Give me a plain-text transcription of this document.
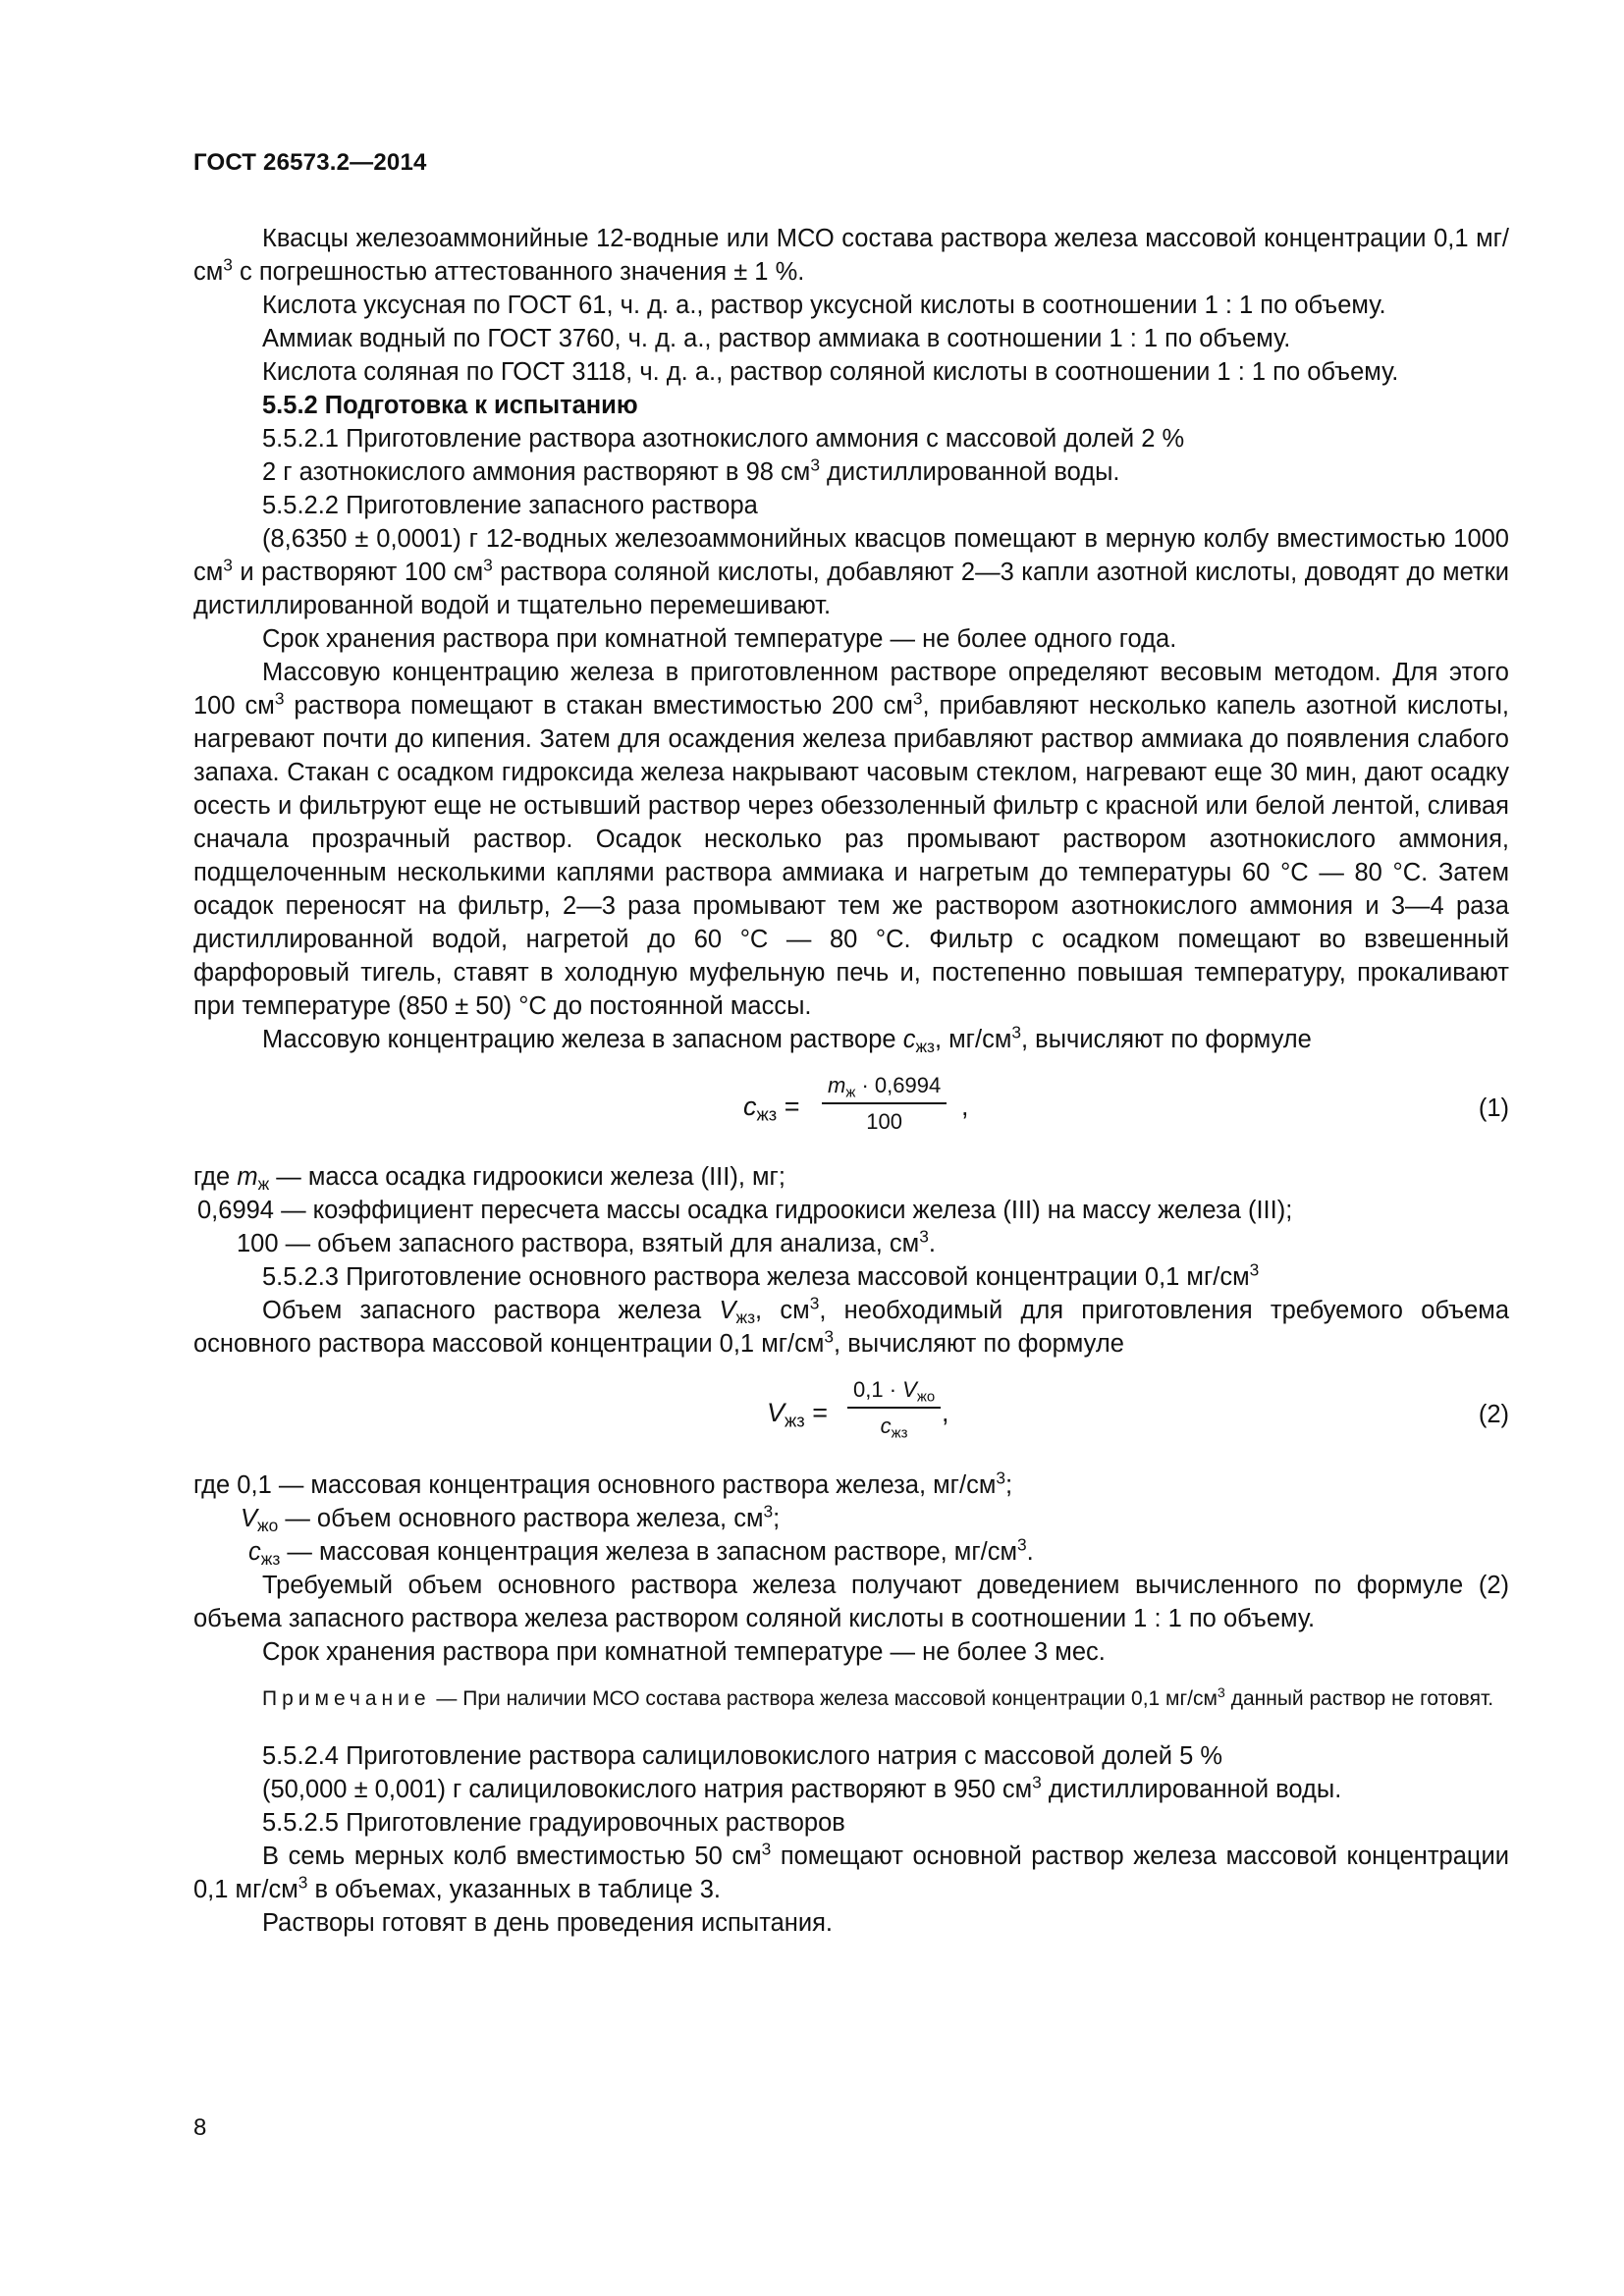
ГОСТ 26573.2—2014

Квасцы железоаммонийные 12-водные или МСО состава раствора железа массовой концентрации 0,1 $мг/см^3$ с погрешностью аттестованного значения ± 1 %.

Кислота уксусная по ГОСТ 61, ч. д. а., раствор уксусной кислоты в соотношении 1 : 1 по объему.

Аммиак водный по ГОСТ 3760, ч. д. а., раствор аммиака в соотношении 1 : 1 по объему.

Кислота соляная по ГОСТ 3118, ч. д. а., раствор соляной кислоты в соотношении 1 : 1 по объему.

5.5.2 Подготовка к испытанию

5.5.2.1 Приготовление раствора азотнокислого аммония с массовой долей 2 %

2 г азотнокислого аммония растворяют в 98 $см^3$ дистиллированной воды.

5.5.2.2 Приготовление запасного раствора

(8,6350 ± 0,0001) г 12-водных железоаммонийных квасцов помещают в мерную колбу вместимостью 1000 $см^3$ и растворяют 100 $см^3$ раствора соляной кислоты, добавляют 2—3 капли азотной кислоты, доводят до метки дистиллированной водой и тщательно перемешивают.

Срок хранения раствора при комнатной температуре — не более одного года.

Массовую концентрацию железа в приготовленном растворе определяют весовым методом. Для этого 100 $см^3$ раствора помещают в стакан вместимостью 200 $см^3$, прибавляют несколько капель азотной кислоты, нагревают почти до кипения. Затем для осаждения железа прибавляют раствор аммиака до появления слабого запаха. Стакан с осадком гидроксида железа накрывают часовым стеклом, нагревают еще 30 мин, дают осадку осесть и фильтруют еще не остывший раствор через обеззоленный фильтр с красной или белой лентой, сливая сначала прозрачный раствор. Осадок несколько раз промывают раствором азотнокислого аммония, подщелоченным несколькими каплями раствора аммиака и нагретым до температуры 60 °С — 80 °С. Затем осадок переносят на фильтр, 2—3 раза промывают тем же раствором азотнокислого аммония и 3—4 раза дистиллированной водой, нагретой до 60 °С — 80 °С. Фильтр с осадком помещают во взвешенный фарфоровый тигель, ставят в холодную муфельную печь и, постепенно повышая температуру, прокаливают при температуре (850 ± 50) °С до постоянной массы.

Массовую концентрацию железа в запасном растворе $c_{жз}$, $мг/см^3$, вычисляют по формуле

$c_{жз}$ =
$m_ж \cdot 0,6994$
100
,	(1)

где $m_ж$ — масса осадка гидроокиси железа (III), мг;

0,6994 — коэффициент пересчета массы осадка гидроокиси железа (III) на массу железа (III);

100 — объем запасного раствора, взятый для анализа, $см^3$.

5.5.2.3 Приготовление основного раствора железа массовой концентрации 0,1 $мг/см^3$

Объем запасного раствора железа $V_{жз}$, $см^3$, необходимый для приготовления требуемого объема основного раствора массовой концентрации 0,1 $мг/см^3$, вычисляют по формуле

$V_{жз}$ =
$0,1 \cdot V_{жо}$
$c_{жз}$
,	(2)

где 0,1 — массовая концентрация основного раствора железа, $мг/см^3$;

$V_{жо}$ — объем основного раствора железа, $см^3$;

$c_{жз}$ — массовая концентрация железа в запасном растворе, $мг/см^3$.

Требуемый объем основного раствора железа получают доведением вычисленного по формуле (2) объема запасного раствора железа раствором соляной кислоты в соотношении 1 : 1 по объему.

Срок хранения раствора при комнатной температуре — не более 3 мес.

Примечание — При наличии МСО состава раствора железа массовой концентрации 0,1 $мг/см^3$ данный раствор не готовят.

5.5.2.4 Приготовление раствора салициловокислого натрия с массовой долей 5 %

(50,000 ± 0,001) г салициловокислого натрия растворяют в 950 $см^3$ дистиллированной воды.

5.5.2.5 Приготовление градуировочных растворов

В семь мерных колб вместимостью 50 $см^3$ помещают основной раствор железа массовой концентрации 0,1 $мг/см^3$ в объемах, указанных в таблице 3.

Растворы готовят в день проведения испытания.

8
